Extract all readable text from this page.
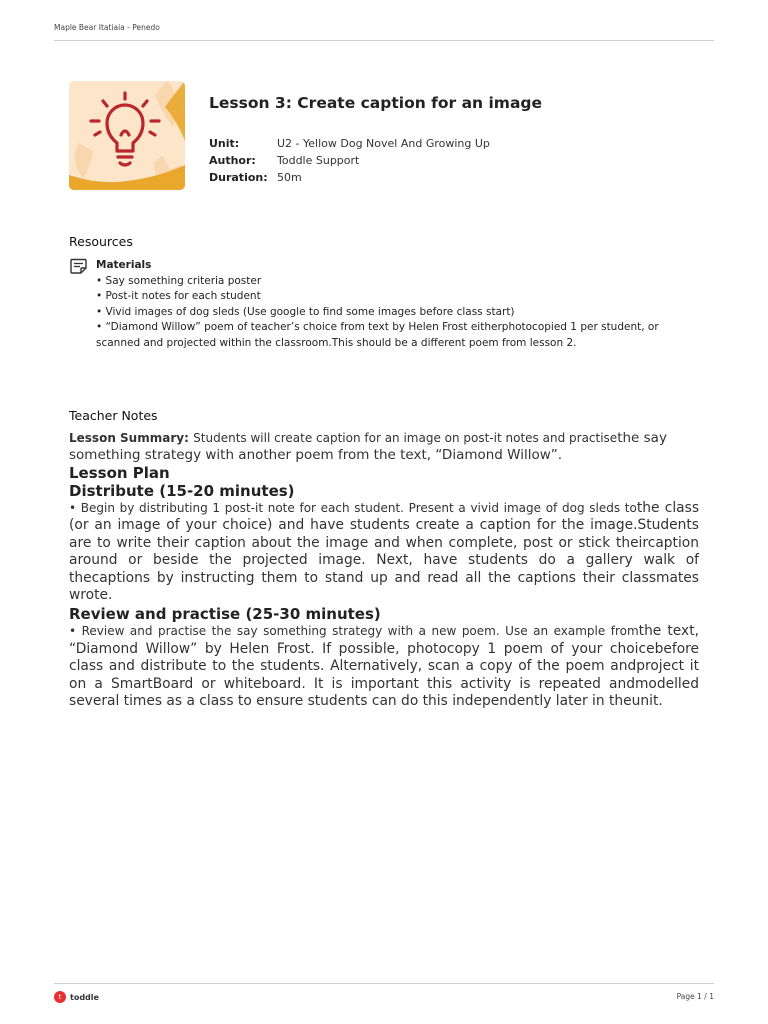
Maple Bear Itatiaia - Penedo
Lesson 3: Create caption for an image
Unit:	U2 - Yellow Dog Novel And Growing Up
Author:	Toddle Support
Duration: 50m
Resources
Materials
• Say something criteria poster
• Post-it notes for each student
• Vivid images of dog sleds (Use google to find some images before class start)
• “Diamond Willow” poem of teacher’s choice from text by Helen Frost eitherphotocopied 1 per student, or scanned and projected within the classroom.This should be a different poem from lesson 2.
Teacher Notes

Lesson Summary: Students will create caption for an image on post-it notes and practisethe say something strategy with another poem from the text, “Diamond Willow”.

Lesson Plan

Distribute (15-20 minutes)

• Begin by distributing 1 post-it note for each student. Present a vivid image of dog sleds tothe class (or an image of your choice) and have students create a caption for the image.Students are to write their caption about the image and when complete, post or stick theircaption around or beside the projected image. Next, have students do a gallery walk of thecaptions by instructing them to stand up and read all the captions their classmates wrote.

Review and practise (25-30 minutes)

• Review and practise the say something strategy with a new poem. Use an example fromthe text, “Diamond Willow” by Helen Frost. If possible, photocopy 1 poem of your choicebefore class and distribute to the students. Alternatively, scan a copy of the poem andproject it on a SmartBoard or whiteboard. It is important this activity is repeated andmodelled several times as a class to ensure students can do this independently later in theunit.

t	toddle	Page 1 / 1
